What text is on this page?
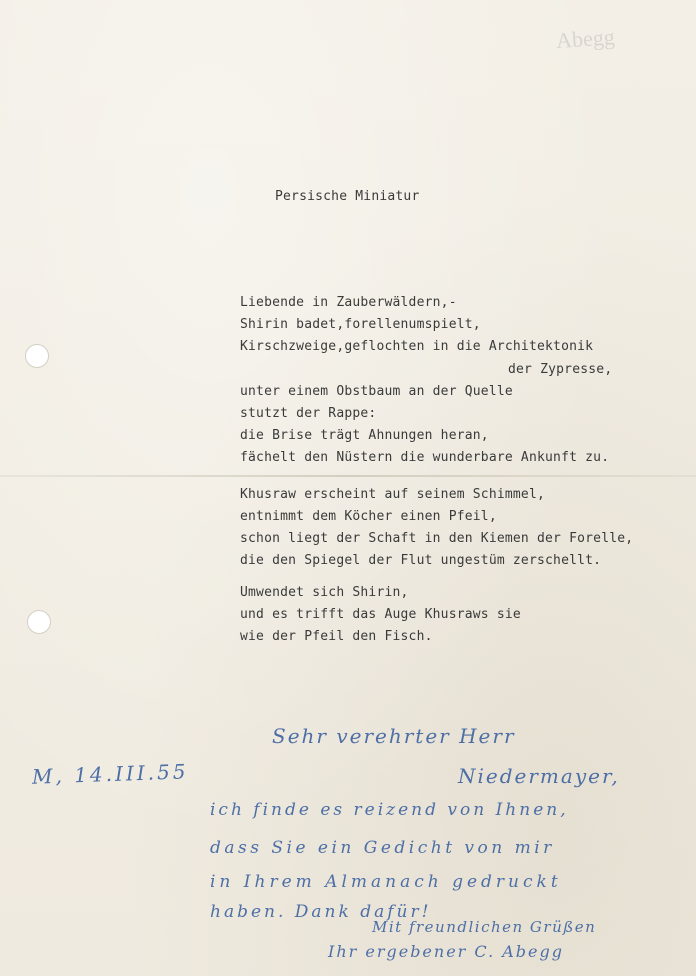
Abegg
Persische Miniatur
Liebende in Zauberwäldern,-
Shirin badet,forellenumspielt,
Kirschzweige,geflochten in die Architektonik
der Zypresse,
unter einem Obstbaum an der Quelle
stutzt der Rappe:
die Brise trägt Ahnungen heran,
fächelt den Nüstern die wunderbare Ankunft zu.
Khusraw erscheint auf seinem Schimmel,
entnimmt dem Köcher einen Pfeil,
schon liegt der Schaft in den Kiemen der Forelle,
die den Spiegel der Flut ungestüm zerschellt.
Umwendet sich Shirin,
und es trifft das Auge Khusraws sie
wie der Pfeil den Fisch.
M, 14.III.55
Sehr verehrter Herr
Niedermayer,
ich finde es reizend von Ihnen,
dass Sie ein Gedicht von mir
in Ihrem Almanach gedruckt
haben. Dank dafür!
Mit freundlichen Grüßen
Ihr ergebener C. Abegg
